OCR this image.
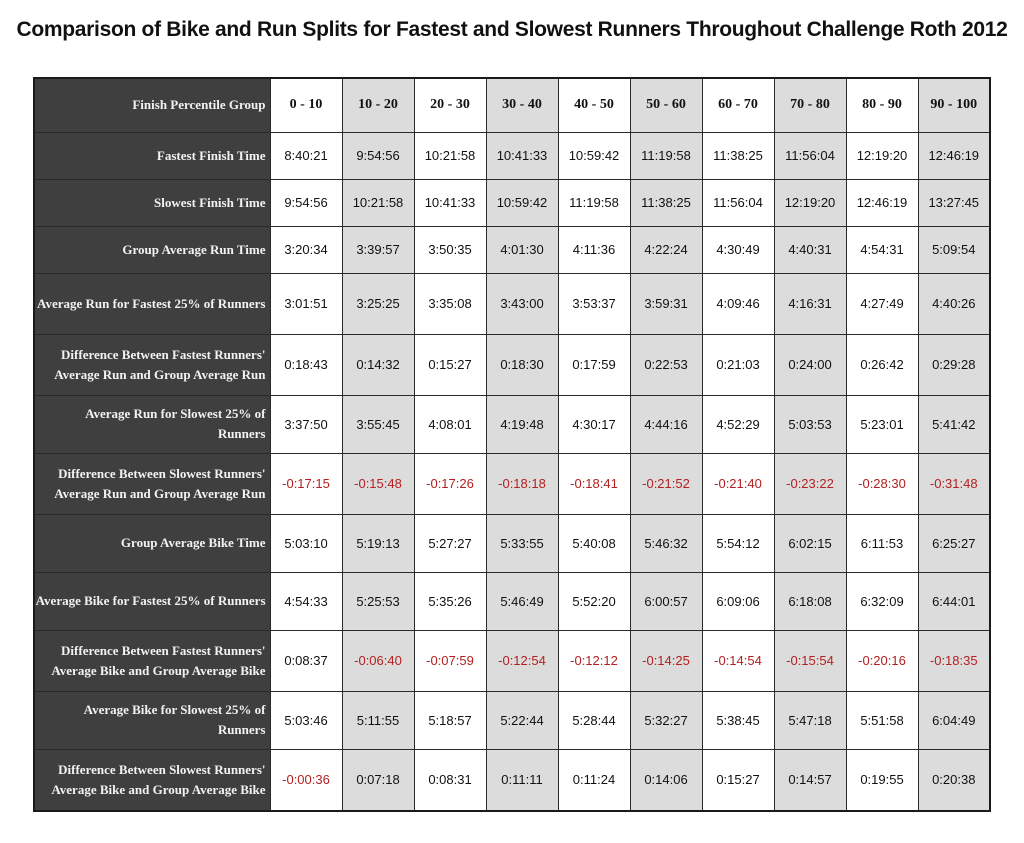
Comparison of Bike and Run Splits for Fastest and Slowest Runners Throughout Challenge Roth 2012
Finish Percentile Group	0 - 10	10 - 20	20 - 30	30 - 40	40 - 50	50 - 60	60 - 70	70 - 80	80 - 90	90 - 100
Fastest Finish Time	8:40:21	9:54:56	10:21:58	10:41:33	10:59:42	11:19:58	11:38:25	11:56:04	12:19:20	12:46:19
Slowest Finish Time	9:54:56	10:21:58	10:41:33	10:59:42	11:19:58	11:38:25	11:56:04	12:19:20	12:46:19	13:27:45
Group Average Run Time	3:20:34	3:39:57	3:50:35	4:01:30	4:11:36	4:22:24	4:30:49	4:40:31	4:54:31	5:09:54
Average Run for Fastest 25% of Runners	3:01:51	3:25:25	3:35:08	3:43:00	3:53:37	3:59:31	4:09:46	4:16:31	4:27:49	4:40:26
Difference Between Fastest Runners' Average Run and Group Average Run	0:18:43	0:14:32	0:15:27	0:18:30	0:17:59	0:22:53	0:21:03	0:24:00	0:26:42	0:29:28
Average Run for Slowest 25% of Runners	3:37:50	3:55:45	4:08:01	4:19:48	4:30:17	4:44:16	4:52:29	5:03:53	5:23:01	5:41:42
Difference Between Slowest Runners' Average Run and Group Average Run	-0:17:15	-0:15:48	-0:17:26	-0:18:18	-0:18:41	-0:21:52	-0:21:40	-0:23:22	-0:28:30	-0:31:48
Group Average Bike Time	5:03:10	5:19:13	5:27:27	5:33:55	5:40:08	5:46:32	5:54:12	6:02:15	6:11:53	6:25:27
Average Bike for Fastest 25% of Runners	4:54:33	5:25:53	5:35:26	5:46:49	5:52:20	6:00:57	6:09:06	6:18:08	6:32:09	6:44:01
Difference Between Fastest Runners' Average Bike and Group Average Bike	0:08:37	-0:06:40	-0:07:59	-0:12:54	-0:12:12	-0:14:25	-0:14:54	-0:15:54	-0:20:16	-0:18:35
Average Bike for Slowest 25% of Runners	5:03:46	5:11:55	5:18:57	5:22:44	5:28:44	5:32:27	5:38:45	5:47:18	5:51:58	6:04:49
Difference Between Slowest Runners' Average Bike and Group Average Bike	-0:00:36	0:07:18	0:08:31	0:11:11	0:11:24	0:14:06	0:15:27	0:14:57	0:19:55	0:20:38
